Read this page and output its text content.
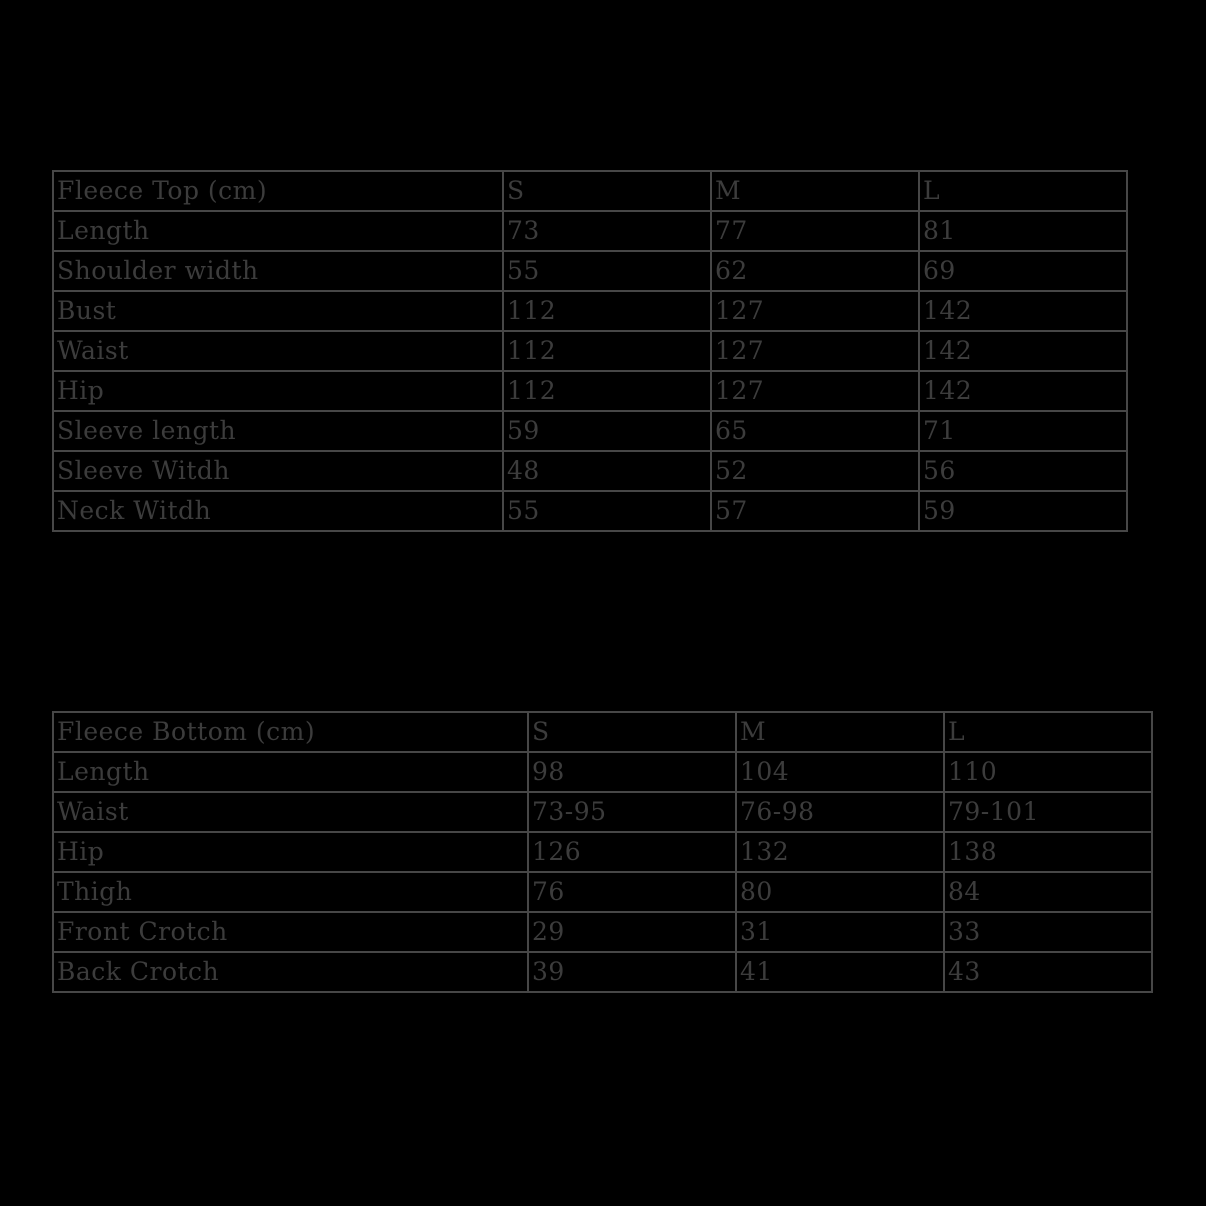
Fleece Top (cm)	S	M	L
Length	73	77	81
Shoulder width	55	62	69
Bust	112	127	142
Waist	112	127	142
Hip	112	127	142
Sleeve length	59	65	71
Sleeve Witdh	48	52	56
Neck Witdh	55	57	59
Fleece Bottom (cm)	S	M	L
Length	98	104	110
Waist	73-95	76-98	79-101
Hip	126	132	138
Thigh	76	80	84
Front Crotch	29	31	33
Back Crotch	39	41	43
